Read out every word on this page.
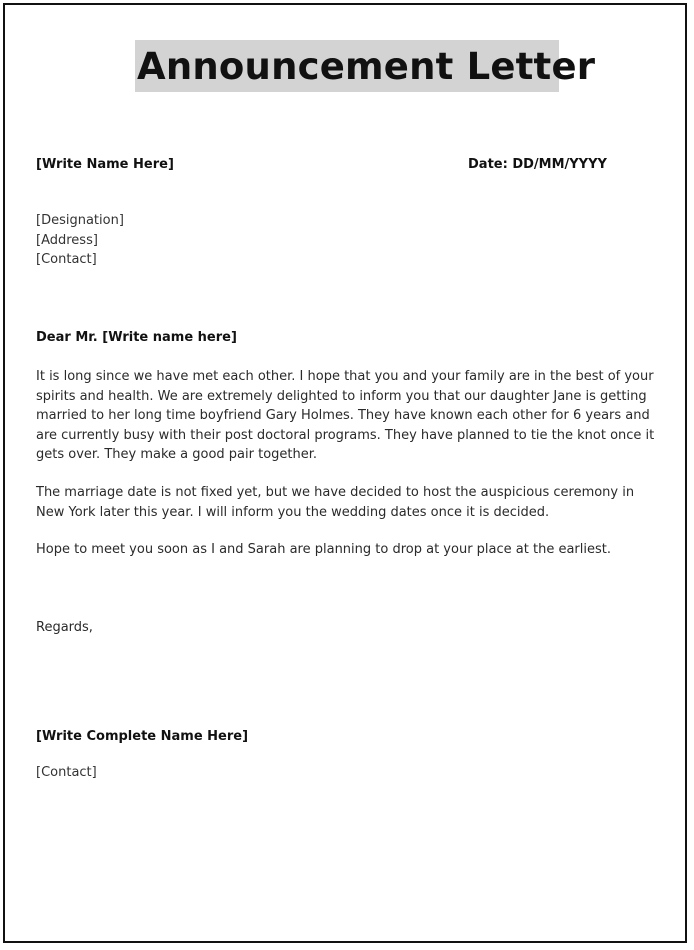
Announcement Letter
[Write Name Here]	Date: DD/MM/YYYY
[Designation]
[Address]
[Contact]
Dear Mr. [Write name here]
It is long since we have met each other. I hope that you and your family are in the best of your
spirits and health. We are extremely delighted to inform you that our daughter Jane is getting
married to her long time boyfriend Gary Holmes. They have known each other for 6 years and
are currently busy with their post doctoral programs. They have planned to tie the knot once it
gets over. They make a good pair together.
The marriage date is not fixed yet, but we have decided to host the auspicious ceremony in
New York later this year. I will inform you the wedding dates once it is decided.
Hope to meet you soon as I and Sarah are planning to drop at your place at the earliest.
Regards,
[Write Complete Name Here]
[Contact]
